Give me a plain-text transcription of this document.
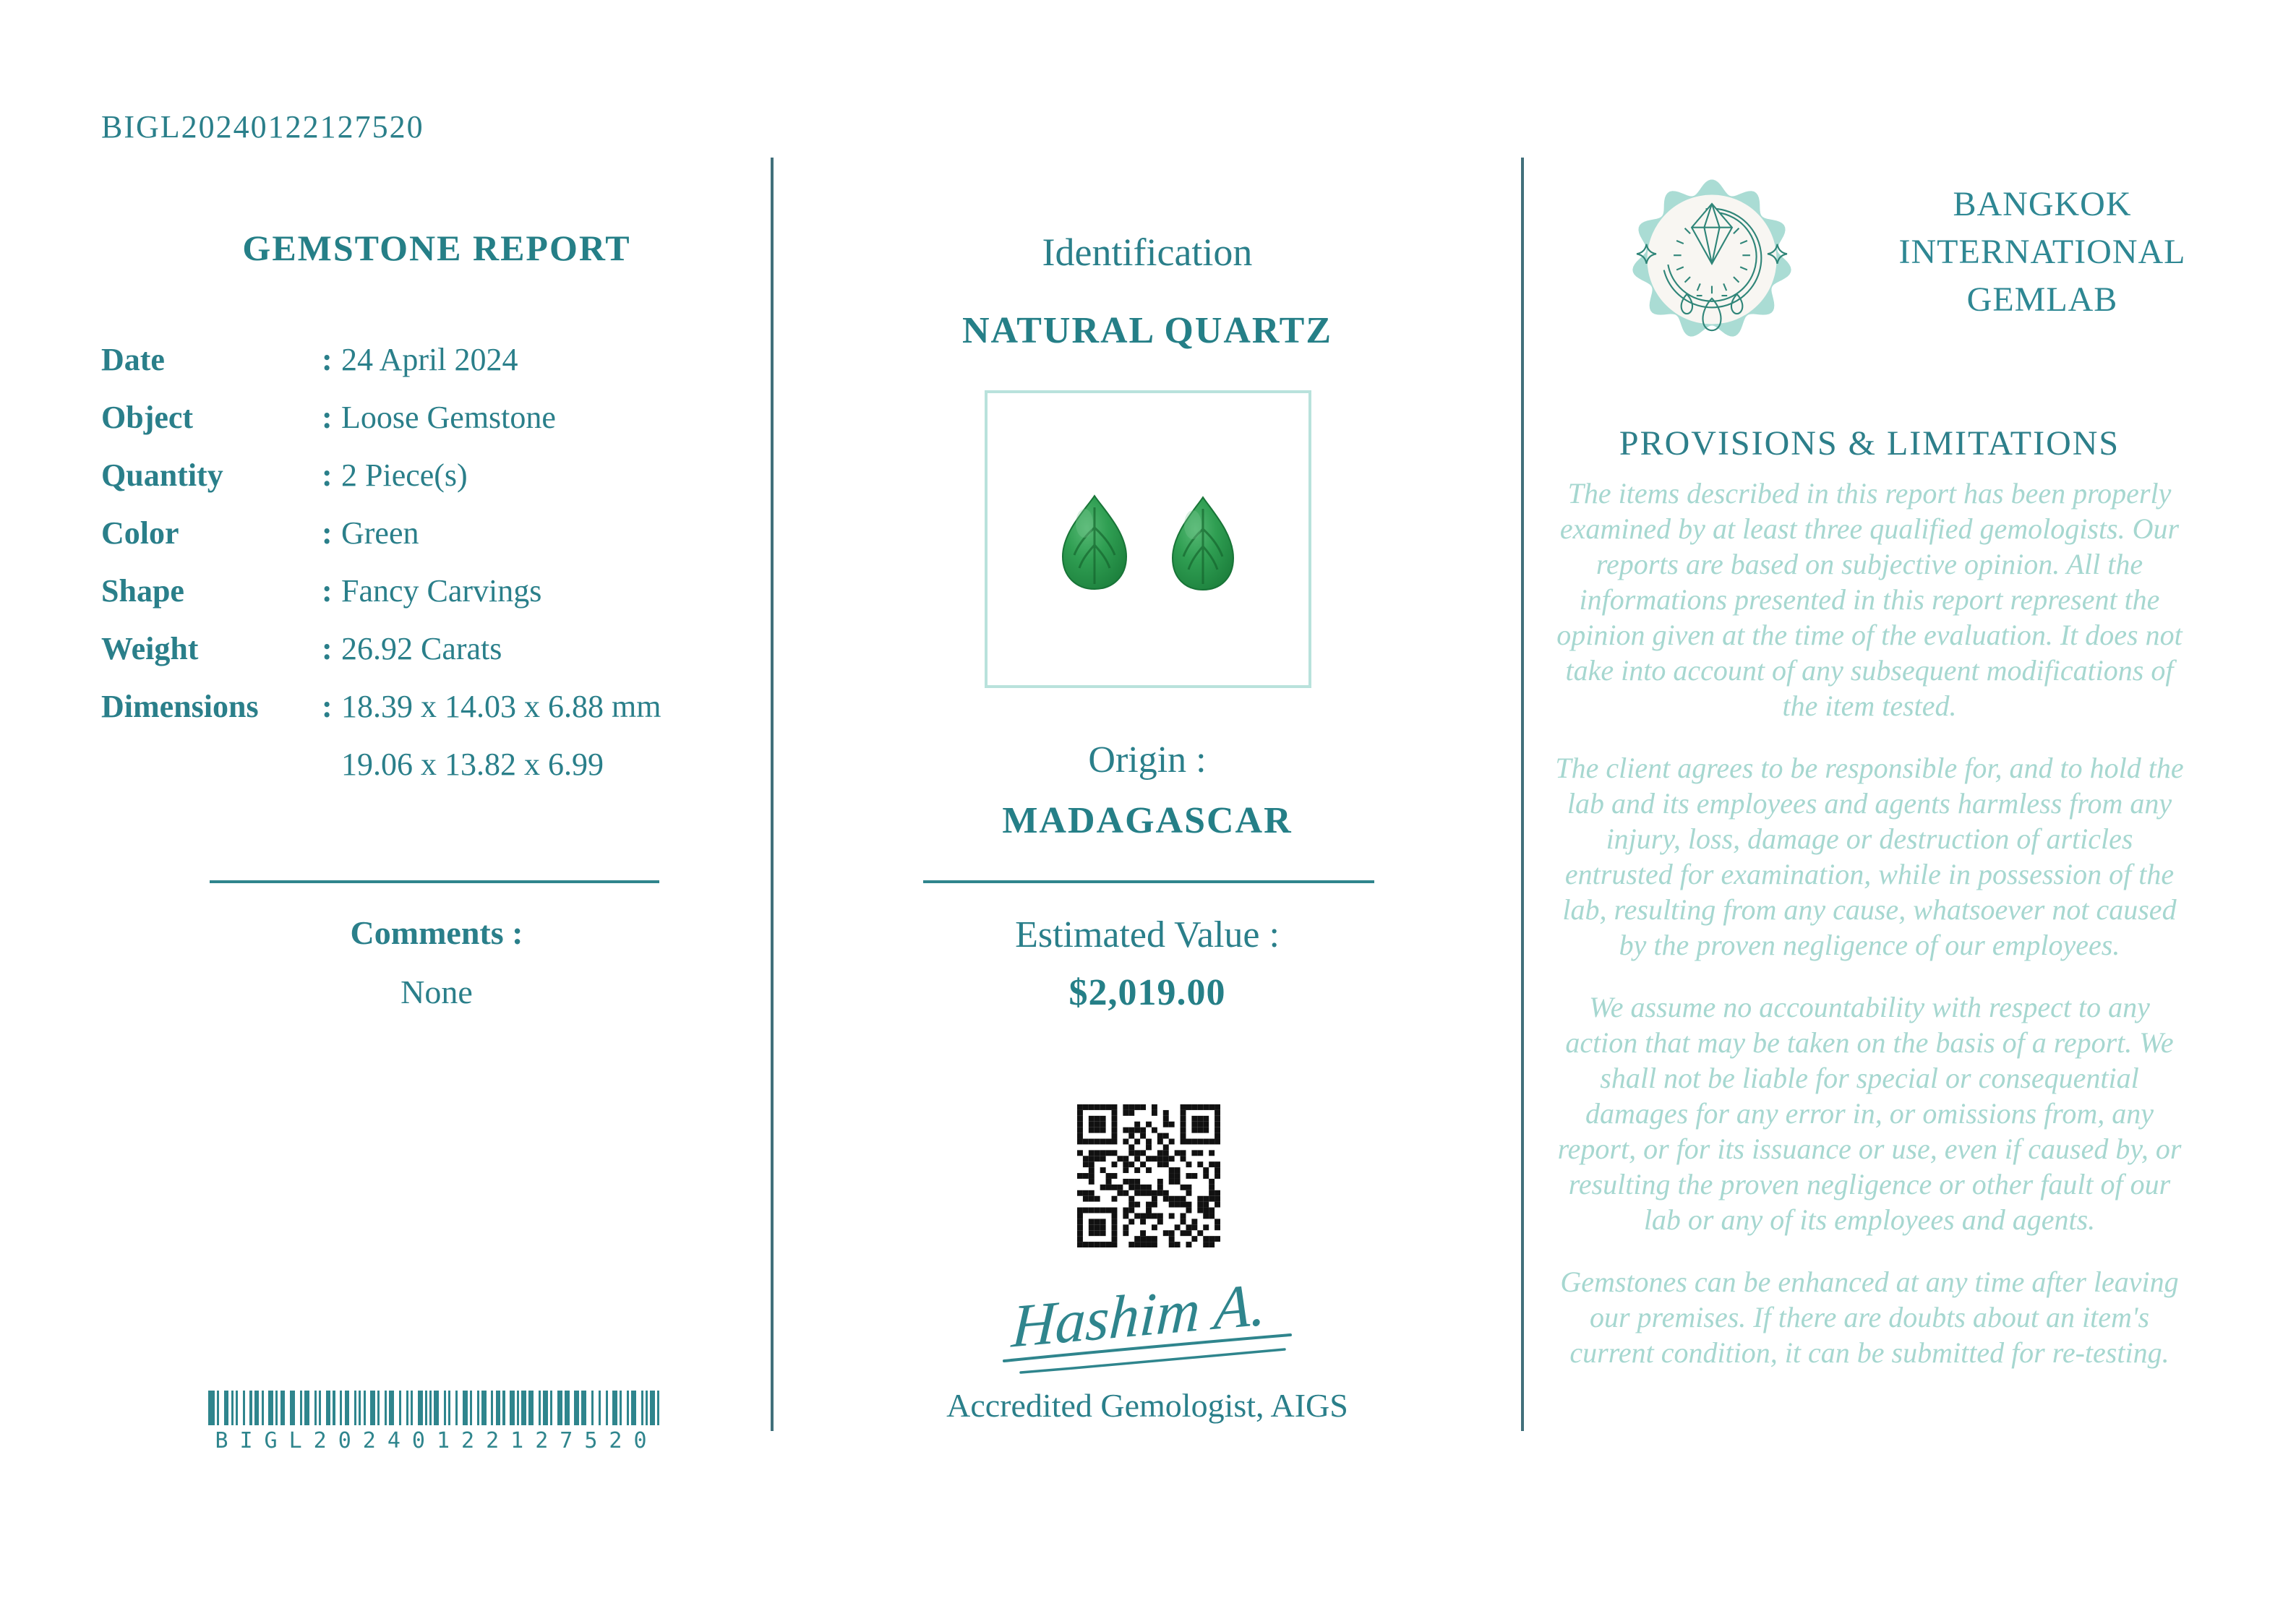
BIGL20240122127520
GEMSTONE REPORT
Date	: 24 April 2024
Object	: Loose Gemstone
Quantity	: 2 Piece(s)
Color	: Green
Shape	: Fancy Carvings
Weight	: 26.92 Carats
Dimensions : 18.39 x 14.03 x 6.88 mm
19.06 x 13.82 x 6.99
Comments :
None
BIGL20240122127520
Identification
NATURAL QUARTZ
Origin :
MADAGASCAR
Estimated Value :
$2,019.00
Hashim A.
Accredited Gemologist, AIGS
BANGKOK
INTERNATIONAL
GEMLAB
PROVISIONS & LIMITATIONS

The items described in this report has been properly examined by at least three qualified gemologists. Our reports are based on subjective opinion. All the informations presented in this report represent the opinion given at the time of the evaluation. It does not take into account of any subsequent modifications of the item tested.

The client agrees to be responsible for, and to hold the lab and its employees and agents harmless from any injury, loss, damage or destruction of articles entrusted for examination, while in possession of the lab, resulting from any cause, whatsoever not caused by the proven negligence of our employees.

We assume no accountability with respect to any action that may be taken on the basis of a report. We shall not be liable for special or consequential damages for any error in, or omissions from, any report, or for its issuance or use, even if caused by, or resulting the proven negligence or other fault of our lab or any of its employees and agents.

Gemstones can be enhanced at any time after leaving our premises. If there are doubts about an item's current condition, it can be submitted for re-testing.
